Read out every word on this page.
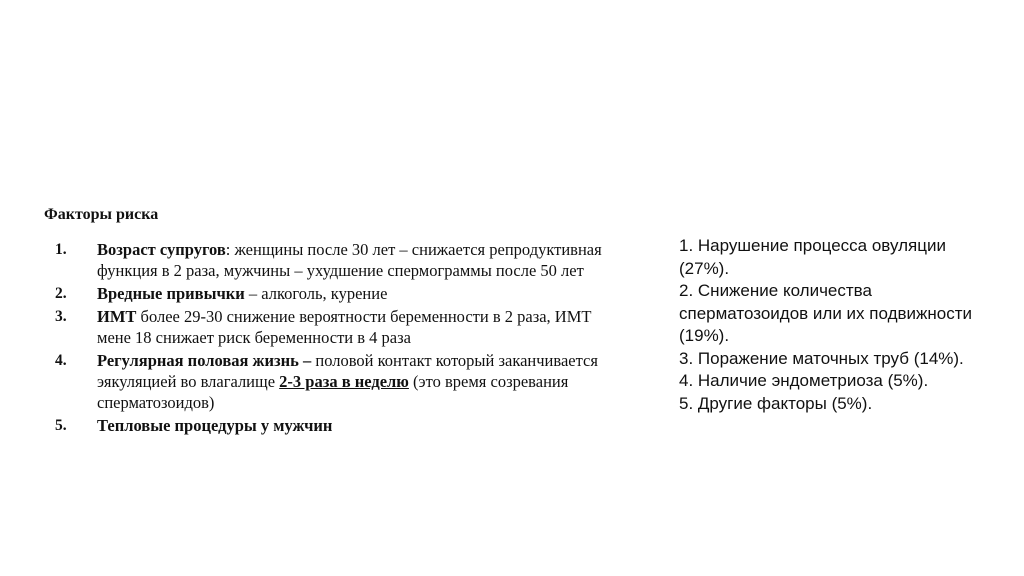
Факторы риска
1. Возраст супругов: женщины после 30 лет – снижается репродуктивная функция в 2 раза, мужчины – ухудшение спермограммы после 50 лет
2. Вредные привычки – алкоголь, курение
3. ИМТ более 29-30 снижение вероятности беременности в 2 раза, ИМТ мене 18 снижает риск беременности в 4 раза
4. Регулярная половая жизнь – половой контакт который заканчивается эякуляцией во влагалище 2-3 раза в неделю (это время созревания сперматозоидов)
5. Тепловые процедуры у мужчин

1. Нарушение процесса овуляции (27%).

2. Снижение количества сперматозоидов или их подвижности (19%).

3. Поражение маточных труб (14%).

4. Наличие эндометриоза (5%).

5. Другие факторы (5%).
